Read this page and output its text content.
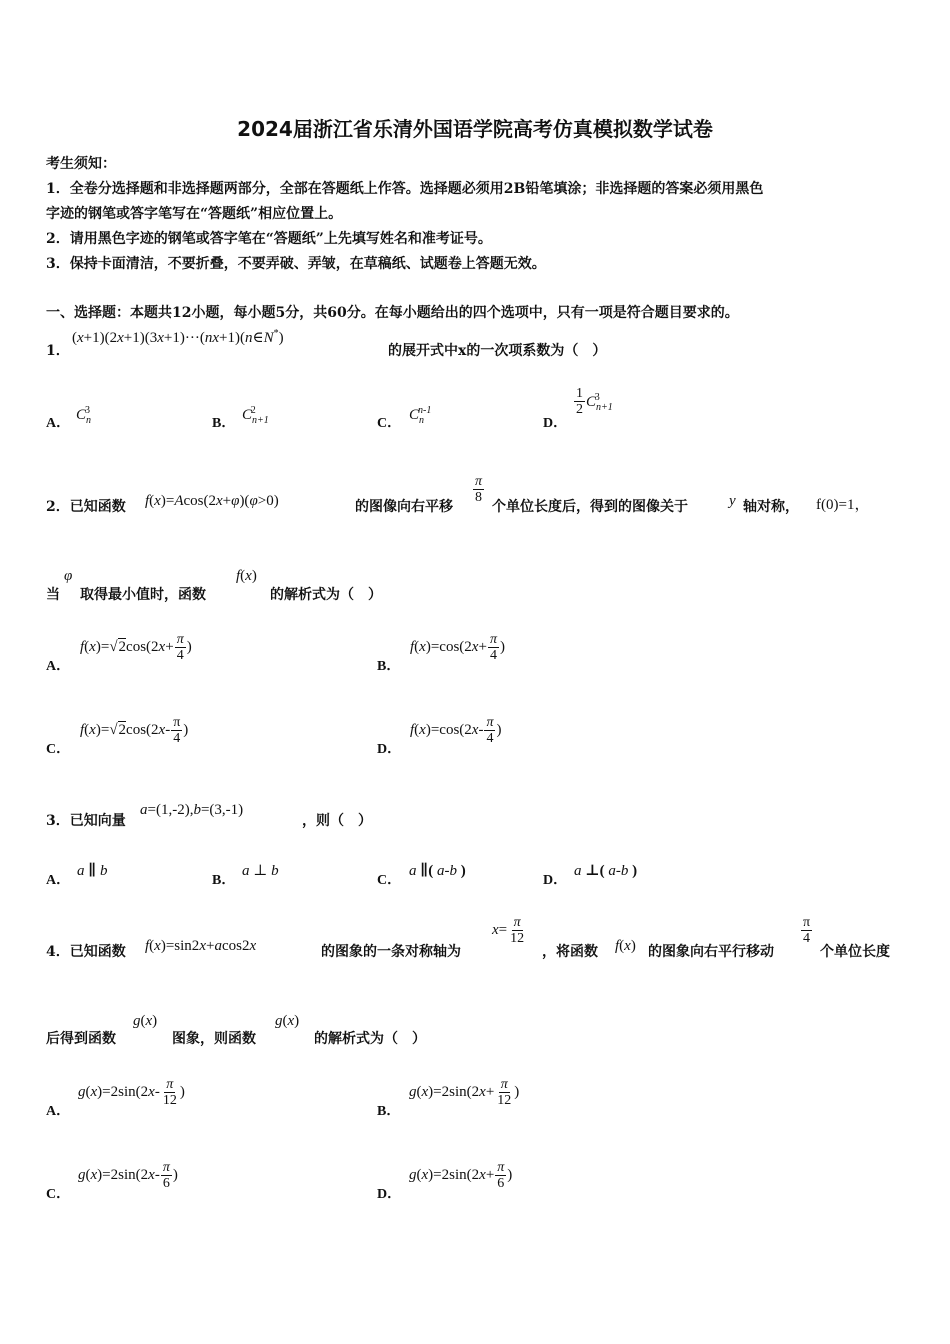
2024届浙江省乐清外国语学院高考仿真模拟数学试卷
考生须知：
1．全卷分选择题和非选择题两部分，全部在答题纸上作答。选择题必须用2B铅笔填涂；非选择题的答案必须用黑色
字迹的钢笔或答字笔写在“答题纸”相应位置上。
2．请用黑色字迹的钢笔或答字笔在“答题纸”上先填写姓名和准考证号。
3．保持卡面清洁，不要折叠，不要弄破、弄皱，在草稿纸、试题卷上答题无效。
一、选择题：本题共12小题，每小题5分，共60分。在每小题给出的四个选项中，只有一项是符合题目要求的。
1．
(x+1)(2x+1)(3x+1)···(nx+1)(n∈N*)
的展开式中x的一次项系数为（　）
A．
$C_n^3$
B．
$C_{n+1}^2$
C．
$C_n^{n-1}$
D．
$\frac{1}{2} C_{n+1}^3$
2．已知函数 f(x)=Acos(2x+φ)(φ>0)	的图像向右平移
$\frac{\pi}{8}$
个单位长度后，得到的图像关于	y 轴对称， f(0)=1，
当
φ
取得最小值时，函数
f(x)
的解析式为（　）
A．
$f(x)=√2\cos(2x+ \frac{\pi}{4}$ )
B．
$f(x)=\cos(2x+ \frac{\pi}{4}$ )
C．
$f(x)=√2\cos(2x- \frac{\pi}{4}$ )
D．
$f(x)=\cos(2x- \frac{\pi}{4}$ )
3．已知向量
a=(1,-2),b=(3,-1)
，则（　）
A．
a ∥ b
B．
a ⊥ b
C．
a ∥( a-b )
D．
a ⊥( a-b )
4．已知函数 f(x)=sin2x+acos2x	的图象的一条对称轴为
$x= \frac{\pi}{12}$
，将函数 f(x) 的图象向右平行移动
$\frac{\pi}{4}$
个单位长度
后得到函数
g(x)
图象，则函数
g(x)
的解析式为（　）
A．
$g(x)=2\sin(2x- \frac{\pi}{12}$ )
B．
$g(x)=2\sin(2x+ \frac{\pi}{12}$ )
C．
$g(x)=2\sin(2x- \frac{\pi}{6}$ )
D．
$g(x)=2\sin(2x+ \frac{\pi}{6}$ )
